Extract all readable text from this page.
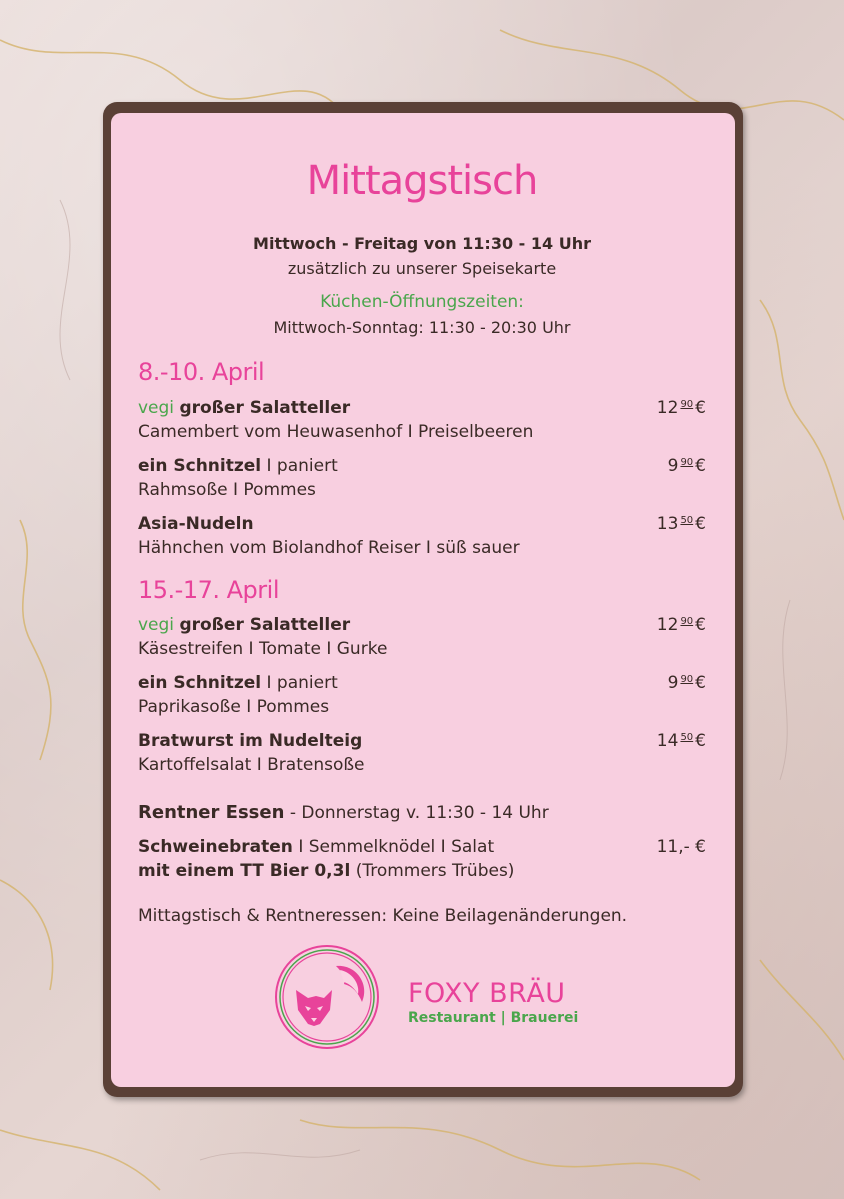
Mittagstisch
Mittwoch - Freitag von 11:30 - 14 Uhr
zusätzlich zu unserer Speisekarte
Küchen-Öffnungszeiten:
Mittwoch-Sonntag: 11:30 - 20:30 Uhr
8.-10. April
vegi großer Salatteller	12 $^{90}$ €
Camembert vom Heuwasenhof I Preiselbeeren
ein Schnitzel I paniert	9 $^{90}$ €
Rahmsoße I Pommes
Asia-Nudeln	13 $^{50}$ €
Hähnchen vom Biolandhof Reiser I süß sauer
15.-17. April
vegi großer Salatteller	12 $^{90}$ €
Käsestreifen I Tomate I Gurke
ein Schnitzel I paniert	9 $^{90}$ €
Paprikasoße I Pommes
Bratwurst im Nudelteig	14 $^{50}$ €
Kartoffelsalat I Bratensoße
Rentner Essen - Donnerstag v. 11:30 - 14 Uhr
Schweinebraten I Semmelknödel I Salat	11,- €
mit einem TT Bier 0,3l (Trommers Trübes)
Mittagstisch & Rentneressen: Keine Beilagenänderungen.
FOXY BRÄU
Restaurant | Brauerei
